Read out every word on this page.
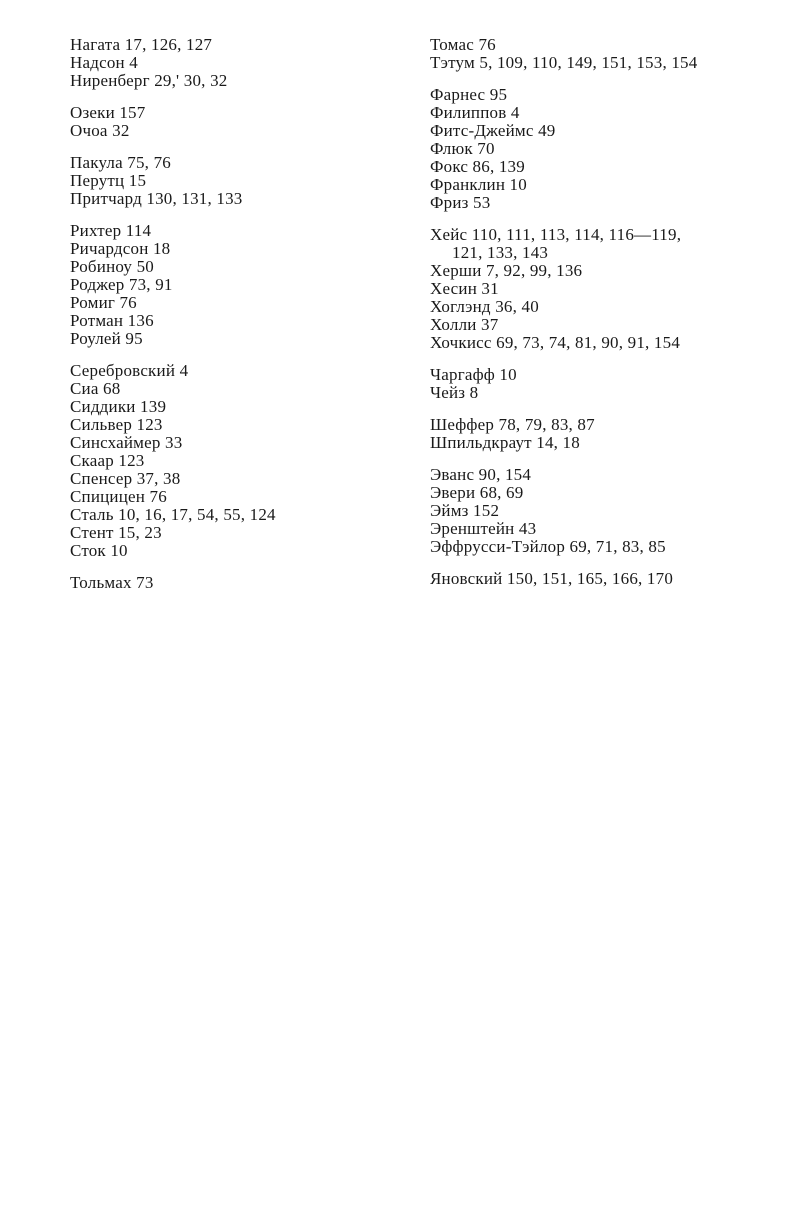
Нагата 17, 126, 127
Надсон 4
Ниренберг 29,' 30, 32
Озеки 157
Очоа 32
Пакула 75, 76
Перутц 15
Притчард 130, 131, 133
Рихтер 114
Ричардсон 18
Робиноу 50
Роджер 73, 91
Ромиг 76
Ротман 136
Роулей 95
Серебровский 4
Сиа 68
Сиддики 139
Сильвер 123
Синсхаймер 33
Скаар 123
Спенсер 37, 38
Спицицен 76
Сталь 10, 16, 17, 54, 55, 124
Стент 15, 23
Сток 10
Тольмах 73
Томас 76
Тэтум 5, 109, 110, 149, 151, 153, 154
Фарнес 95
Филиппов 4
Фитс-Джеймс 49
Флюк 70
Фокс 86, 139
Франклин 10
Фриз 53
Хейс 110, 111, 113, 114, 116—119,
121, 133, 143
Херши 7, 92, 99, 136
Хесин 31
Хоглэнд 36, 40
Холли 37
Хочкисс 69, 73, 74, 81, 90, 91, 154
Чаргафф 10
Чейз 8
Шеффер 78, 79, 83, 87
Шпильдкраут 14, 18
Эванс 90, 154
Эвери 68, 69
Эймз 152
Эренштейн 43
Эффрусси-Тэйлор 69, 71, 83, 85
Яновский 150, 151, 165, 166, 170
